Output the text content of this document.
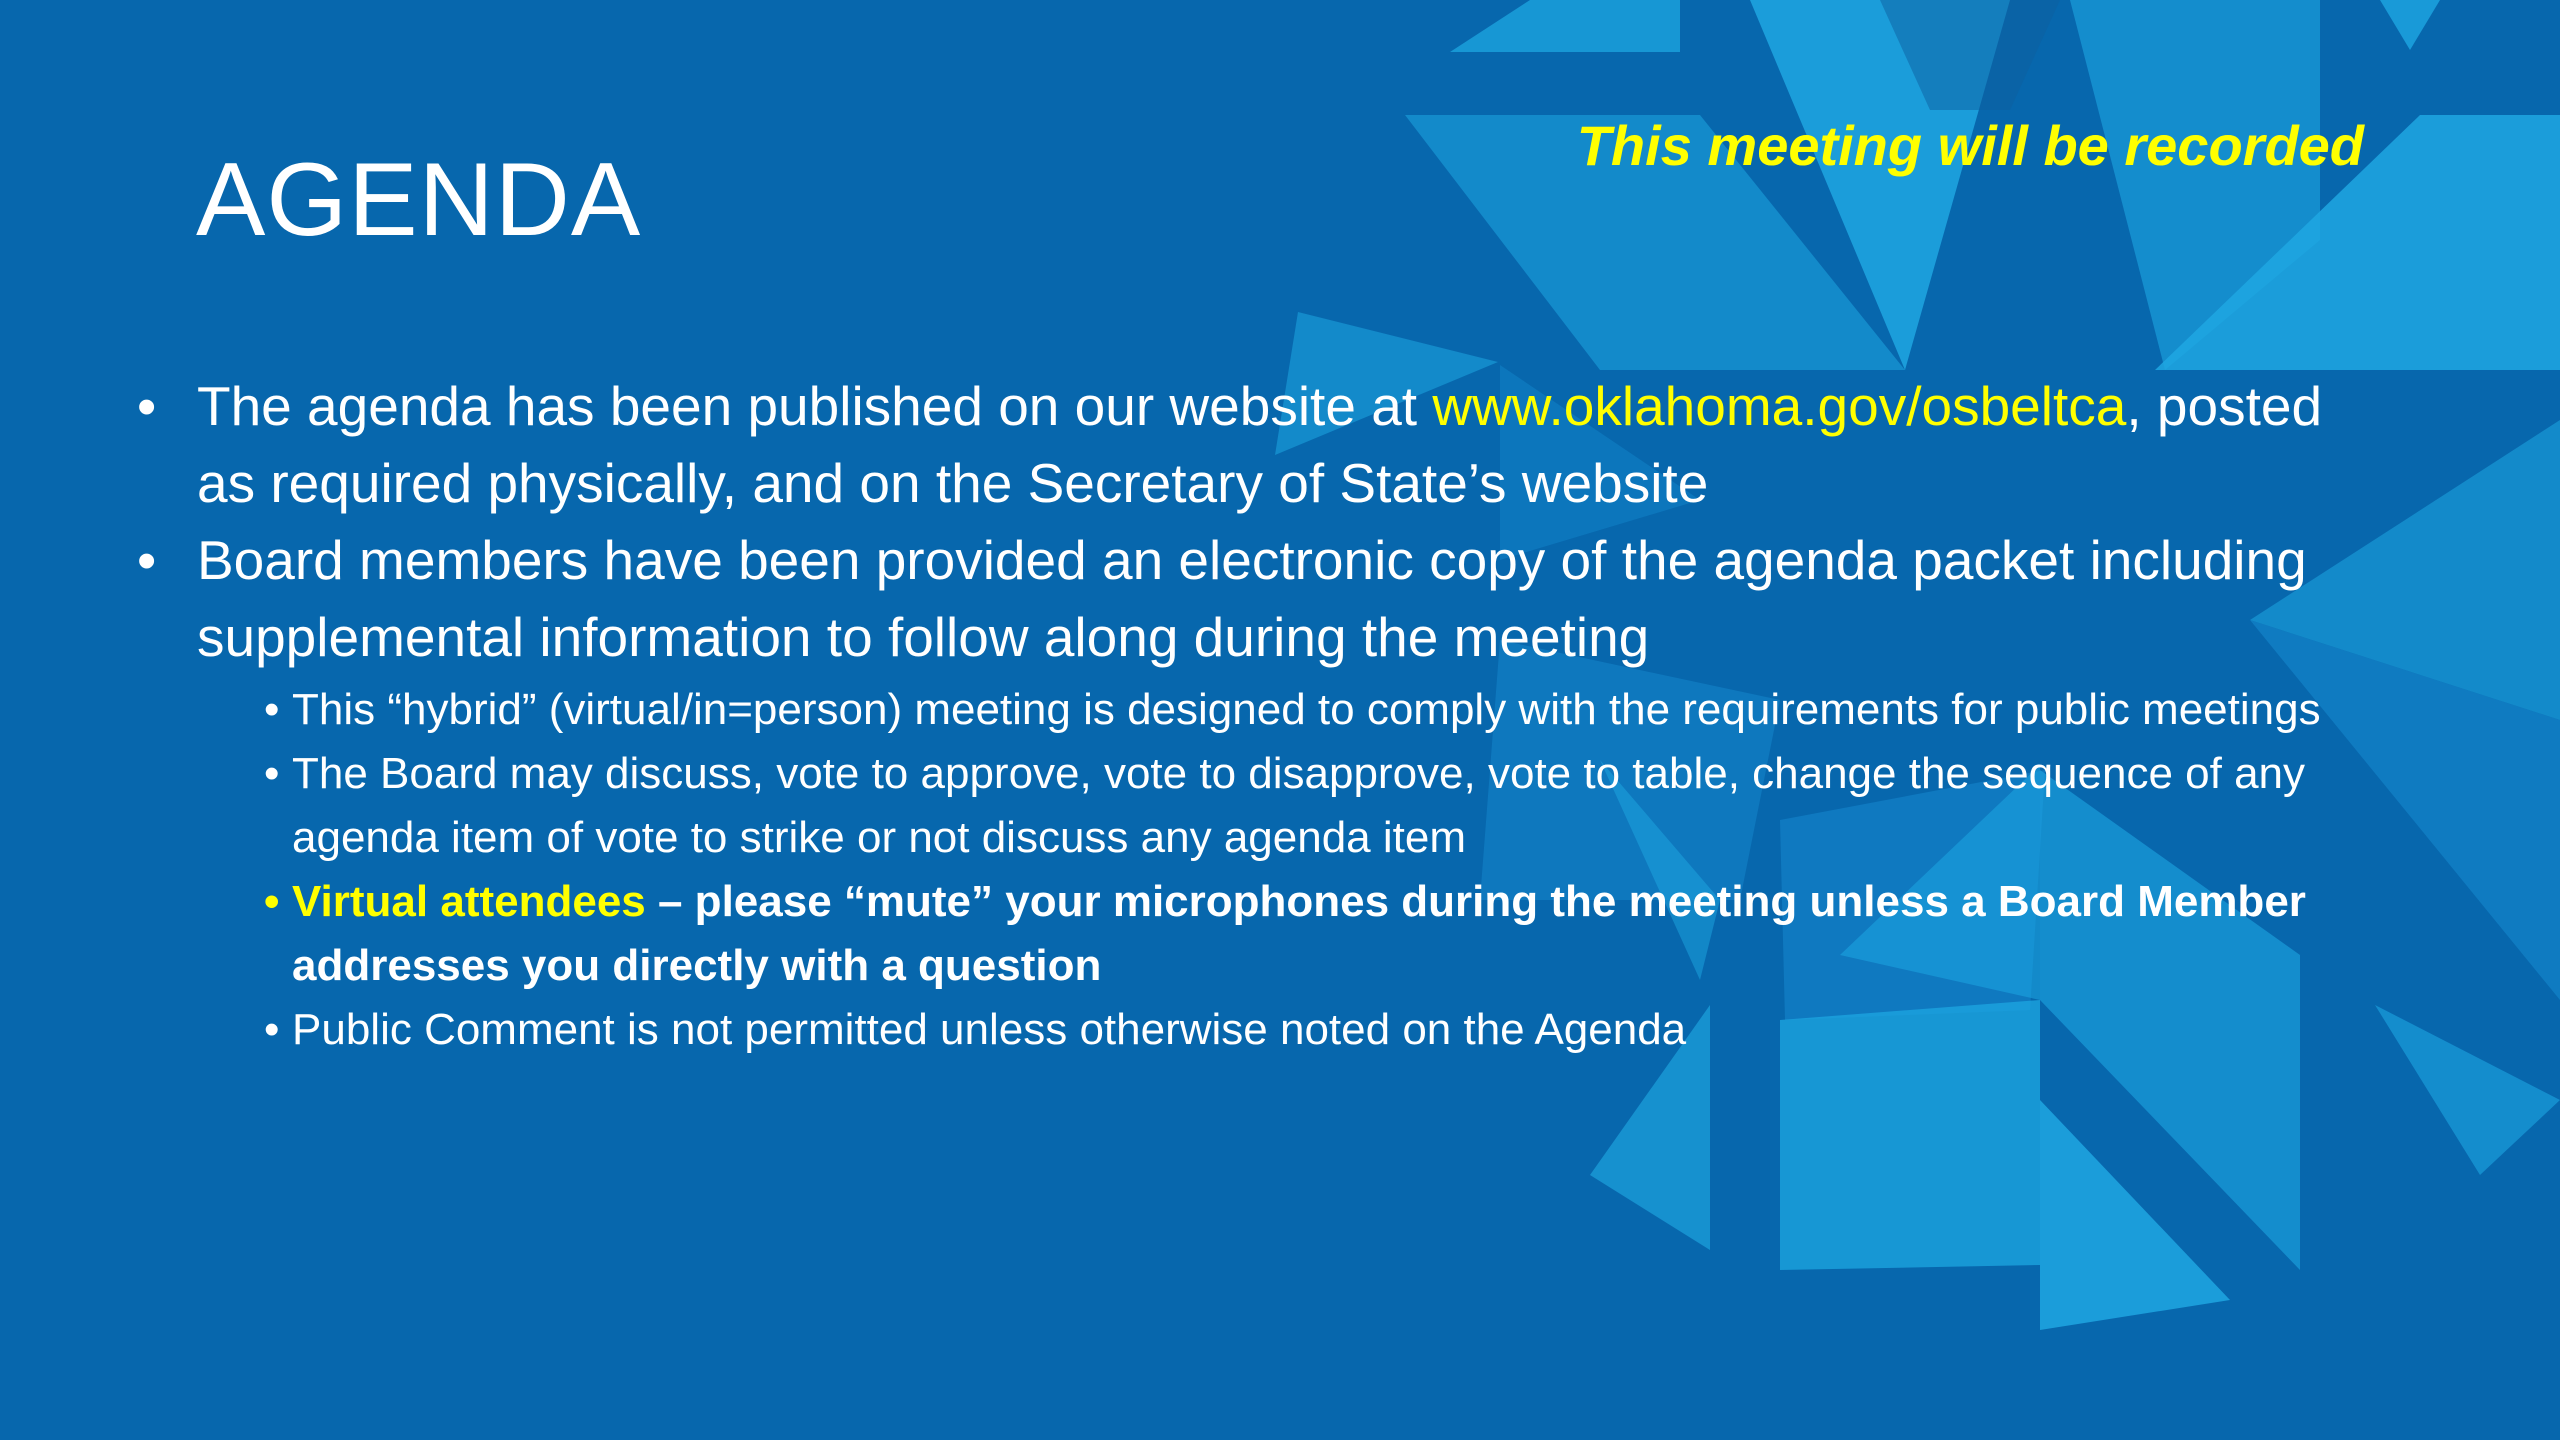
AGENDA	This meeting will be recorded
• The agenda has been published on our website at www.oklahoma.gov/osbeltca, posted as required physically, and on the Secretary of State’s website
• Board members have been provided an electronic copy of the agenda packet including supplemental information to follow along during the meeting
• This “hybrid” (virtual/in=person) meeting is designed to comply with the requirements for public meetings
• The Board may discuss, vote to approve, vote to disapprove, vote to table, change the sequence of any agenda item of vote to strike or not discuss any agenda item
• Virtual attendees – please “mute” your microphones during the meeting unless a Board Member addresses you directly with a question
• Public Comment is not permitted unless otherwise noted on the Agenda
